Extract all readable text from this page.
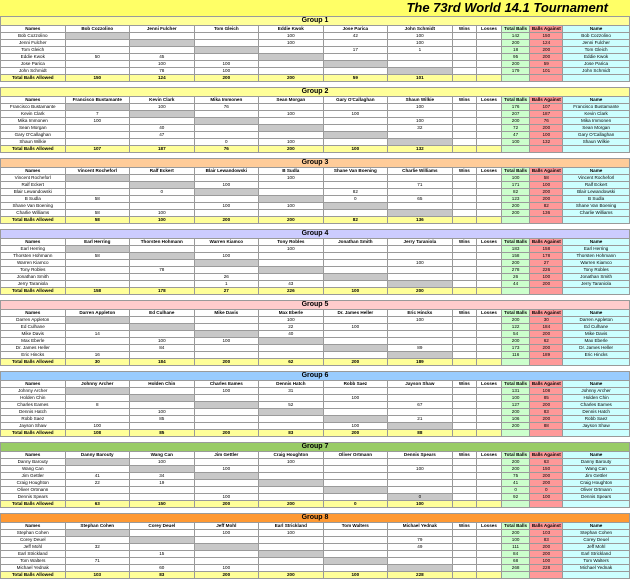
The 73rd World 14.1 Tournament
Group 1											
Names	Bob Cozzolino	Jenni Fulcher	Tom Gleich	Eddie Kwok	Jose Parica	John Schmidt	Wins	Losses	Total Balls	Balls Against	Name
Bob Cozzolino				100	42	100			142	150	Bob Cozzolino
Jenni Fulcher				100		100			200	124	Jenni Fulcher
Tom Gleich					17	1			18	200	Tom Gleich
Eddie Kwok	50	45							95	200	Eddie Kwok
Jose Parica		100	100						200	59	Jose Parica
John Schmidt		78	100						179	101	John Schmidt
Total Balls Allowed	150	124	200	200	59	101					
Group 2											
Names	Francisco Bustamante	Kevin Clark	Mika Immonen	Sean Morgan	Gary O'Callaghan	Shaun Wilkie	Wins	Losses	Total Balls	Balls Against	Name
Francisco Bustamante		100	76			100			176	107	Francisco Bustamante
Kevin Clark	7			100	100				207	187	Kevin Clark
Mika Immonen	100					100			200	76	Mika Immonen
Sean Morgan		40				32			72	200	Sean Morgan
Gary O'Callaghan		47							47	100	Gary O'Callaghan
Shaun Wilkie			0	100					100	132	Shaun Wilkie
Total Balls Allowed	107	187	76	200	100	132					
Group 3											
Names	Vincent Rocheforl	Ralf Eckert	Blair Lewandowski	B Sudla	Shane Van Boening	Charlie Williams	Wins	Losses	Total Balls	Balls Against	Name
Vincent Rocheforl				100					100	58	Vincent Rocheforl
Ralf Eckert			100			71			171	100	Ralf Eckert
Blair Lewandowski		0			82				82	200	Blair Lewandowski
B Sudla	58				0	65			123	200	B Sudla
Shane Van Boening			100	100					200	82	Shane Van Boening
Charlie Williams	58	100							200	136	Charlie Williams
Total Balls Allowed	58	100	200	200	82	136					
Group 4											
Names	Earl Herring	Thorsten Hohmann	Warren Kiamco	Tony Robles	Jonathan Smith	Jerry Taraniola	Wins	Losses	Total Balls	Balls Against	Name
Earl Herring				100					183	158	Earl Herring
Thorsten Hohmann	58		100						158	178	Thorsten Hohmann
Warren Kiamco						100			200	27	Warren Kiamco
Tony Robles		78							278	226	Tony Robles
Jonathan Smith			26						26	100	Jonathan Smith
Jerry Taraniola			1	43					44	200	Jerry Taraniola
Total Balls Allowed	158	178	27	226	100	200					
Group 5											
Names	Darren Appleton	Ed Culhane	Mike Davis	Max Eberle	Dr. James Heller	Eric Hincks	Wins	Losses	Total Balls	Balls Against	Name
Darren Appleton				100		100			200	30	Darren Appleton
Ed Culhane				22	100				122	184	Ed Culhane
Mike Davis	14			40					54	200	Mike Davis
Max Eberle		100	100						200	62	Max Eberle
Dr. James Heller		84				89			173	200	Dr. James Heller
Eric Hincks	16								116	189	Eric Hincks
Total Balls Allowed	30	184	200	62	200	189					
Group 6											
Names	Johnny Archer	Holden Chin	Charles Eames	Dennis Hatch	Robb Saez	Jayson Shaw	Wins	Losses	Total Balls	Balls Against	Name
Johnny Archer			100	31					131	108	Johnny Archer
Holden Chin					100				100	85	Holden Chin
Charles Eames	8			52		67			127	200	Charles Eames
Dennis Hatch		100							200	83	Dennis Hatch
Robb Saez		85				21			106	200	Robb Saez
Jayson Shaw	100				100				200	88	Jayson Shaw
Total Balls Allowed	108	85	200	83	200	88					
Group 7											
Names	Danny Barouty	Wang Can	Jim Gettler	Craig Houghton	Oliver Ortmann	Dennis Spears	Wins	Losses	Total Balls	Balls Against	Name
Danny Barouty		100		100					200	63	Danny Barouty
Wang Can			100			100			200	150	Wang Can
Jim Gettler	41	34							75	200	Jim Gettler
Craig Houghton	22	19							41	200	Craig Houghton
Oliver Ortmann									0	0	Oliver Ortmann
Dennis Spears			100			0			92	100	Dennis Spears
Total Balls Allowed	63	150	200	200	0	100					
Group 8											
Names	Stephan Cohen	Corey Deuel	Jeff Mohl	Earl Strickland	Tom Walters	Michael Yednak	Wins	Losses	Total Balls	Balls Against	Name
Stephan Cohen			100	100					200	103	Stephan Cohen
Corey Deuel						79			100	83	Corey Deuel
Jeff Mohl	32					49			111	200	Jeff Mohl
Earl Strickland		15							84	200	Earl Strickland
Tom Walters	71								68	100	Tom Walters
Michael Yednak		60	100						268	228	Michael Yednak
Total Balls Allowed	103	83	200	200	100	228					
